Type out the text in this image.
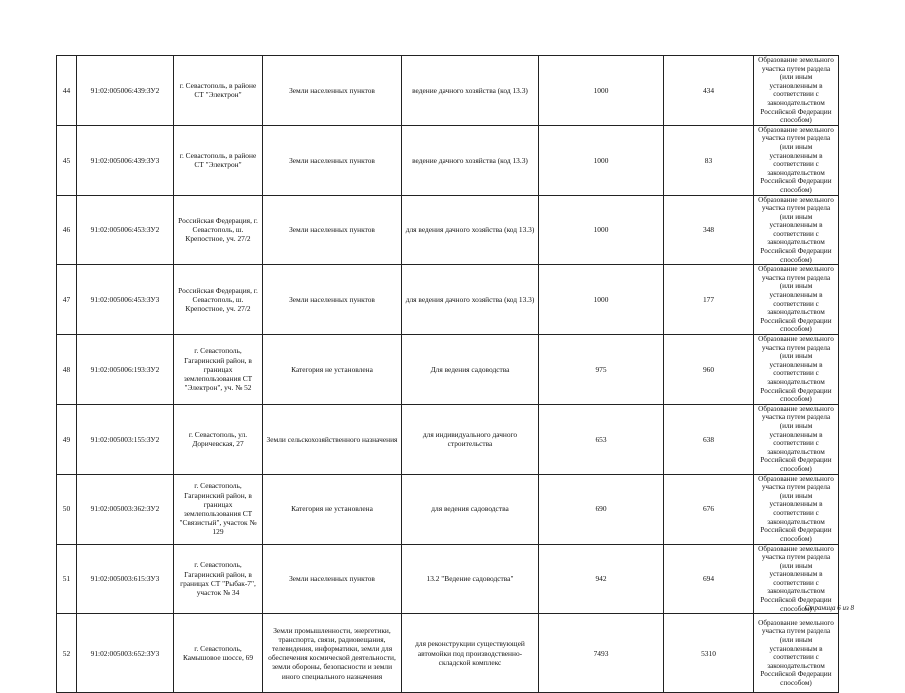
44	91:02:005006:439:ЗУ2	г. Севастополь, в районе СТ "Электрон"	Земли населенных пунктов	ведение дачного хозяйства (код 13.3)	1000	434	Образование земельного участка путем раздела (или иным установленным в соответствии с законодательством Российской Федерации способом)
45	91:02:005006:439:ЗУ3	г. Севастополь, в районе СТ "Электрон"	Земли населенных пунктов	ведение дачного хозяйства (код 13.3)	1000	83	Образование земельного участка путем раздела (или иным установленным в соответствии с законодательством Российской Федерации способом)
46	91:02:005006:453:ЗУ2	Российская Федерация, г. Севастополь, ш. Крепостное, уч. 27/2	Земли населенных пунктов	для ведения дачного хозяйства (код 13.3)	1000	348	Образование земельного участка путем раздела (или иным установленным в соответствии с законодательством Российской Федерации способом)
47	91:02:005006:453:ЗУ3	Российская Федерация, г. Севастополь, ш. Крепостное, уч. 27/2	Земли населенных пунктов	для ведения дачного хозяйства (код 13.3)	1000	177	Образование земельного участка путем раздела (или иным установленным в соответствии с законодательством Российской Федерации способом)
48	91:02:005006:193:ЗУ2	г. Севастополь, Гагаринский район, в границах землепользования СТ "Электрон", уч. № 52	Категория не установлена	Для ведения садоводства	975	960	Образование земельного участка путем раздела (или иным установленным в соответствии с законодательством Российской Федерации способом)
49	91:02:005003:155:ЗУ2	г. Севастополь, ул. Доричевская, 27	Земли сельскохозяйственного назначения	для индивидуального дачного строительства	653	638	Образование земельного участка путем раздела (или иным установленным в соответствии с законодательством Российской Федерации способом)
50	91:02:005003:362:ЗУ2	г. Севастополь, Гагаринский район, в границах землепользования СТ "Связистый", участок № 129	Категория не установлена	для ведения садоводства	690	676	Образование земельного участка путем раздела (или иным установленным в соответствии с законодательством Российской Федерации способом)
51	91:02:005003:615:ЗУ3	г. Севастополь, Гагаринский район, в границах СТ "Рыбак-7", участок № 34	Земли населенных пунктов	13.2 "Ведение садоводства"	942	694	Образование земельного участка путем раздела (или иным установленным в соответствии с законодательством Российской Федерации способом)
52	91:02:005003:652:ЗУ3	г. Севастополь, Камышовое шоссе, 69	Земли промышленности, энергетики, транспорта, связи, радиовещания, телевидения, информатики, земли для обеспечения космической деятельности, земли обороны, безопасности и земли иного специального назначения	для реконструкции существующей автомойки под производственно-складской комплекс	7493	5310	Образование земельного участка путем раздела (или иным установленным в соответствии с законодательством Российской Федерации способом)
Страница 6 из 8
